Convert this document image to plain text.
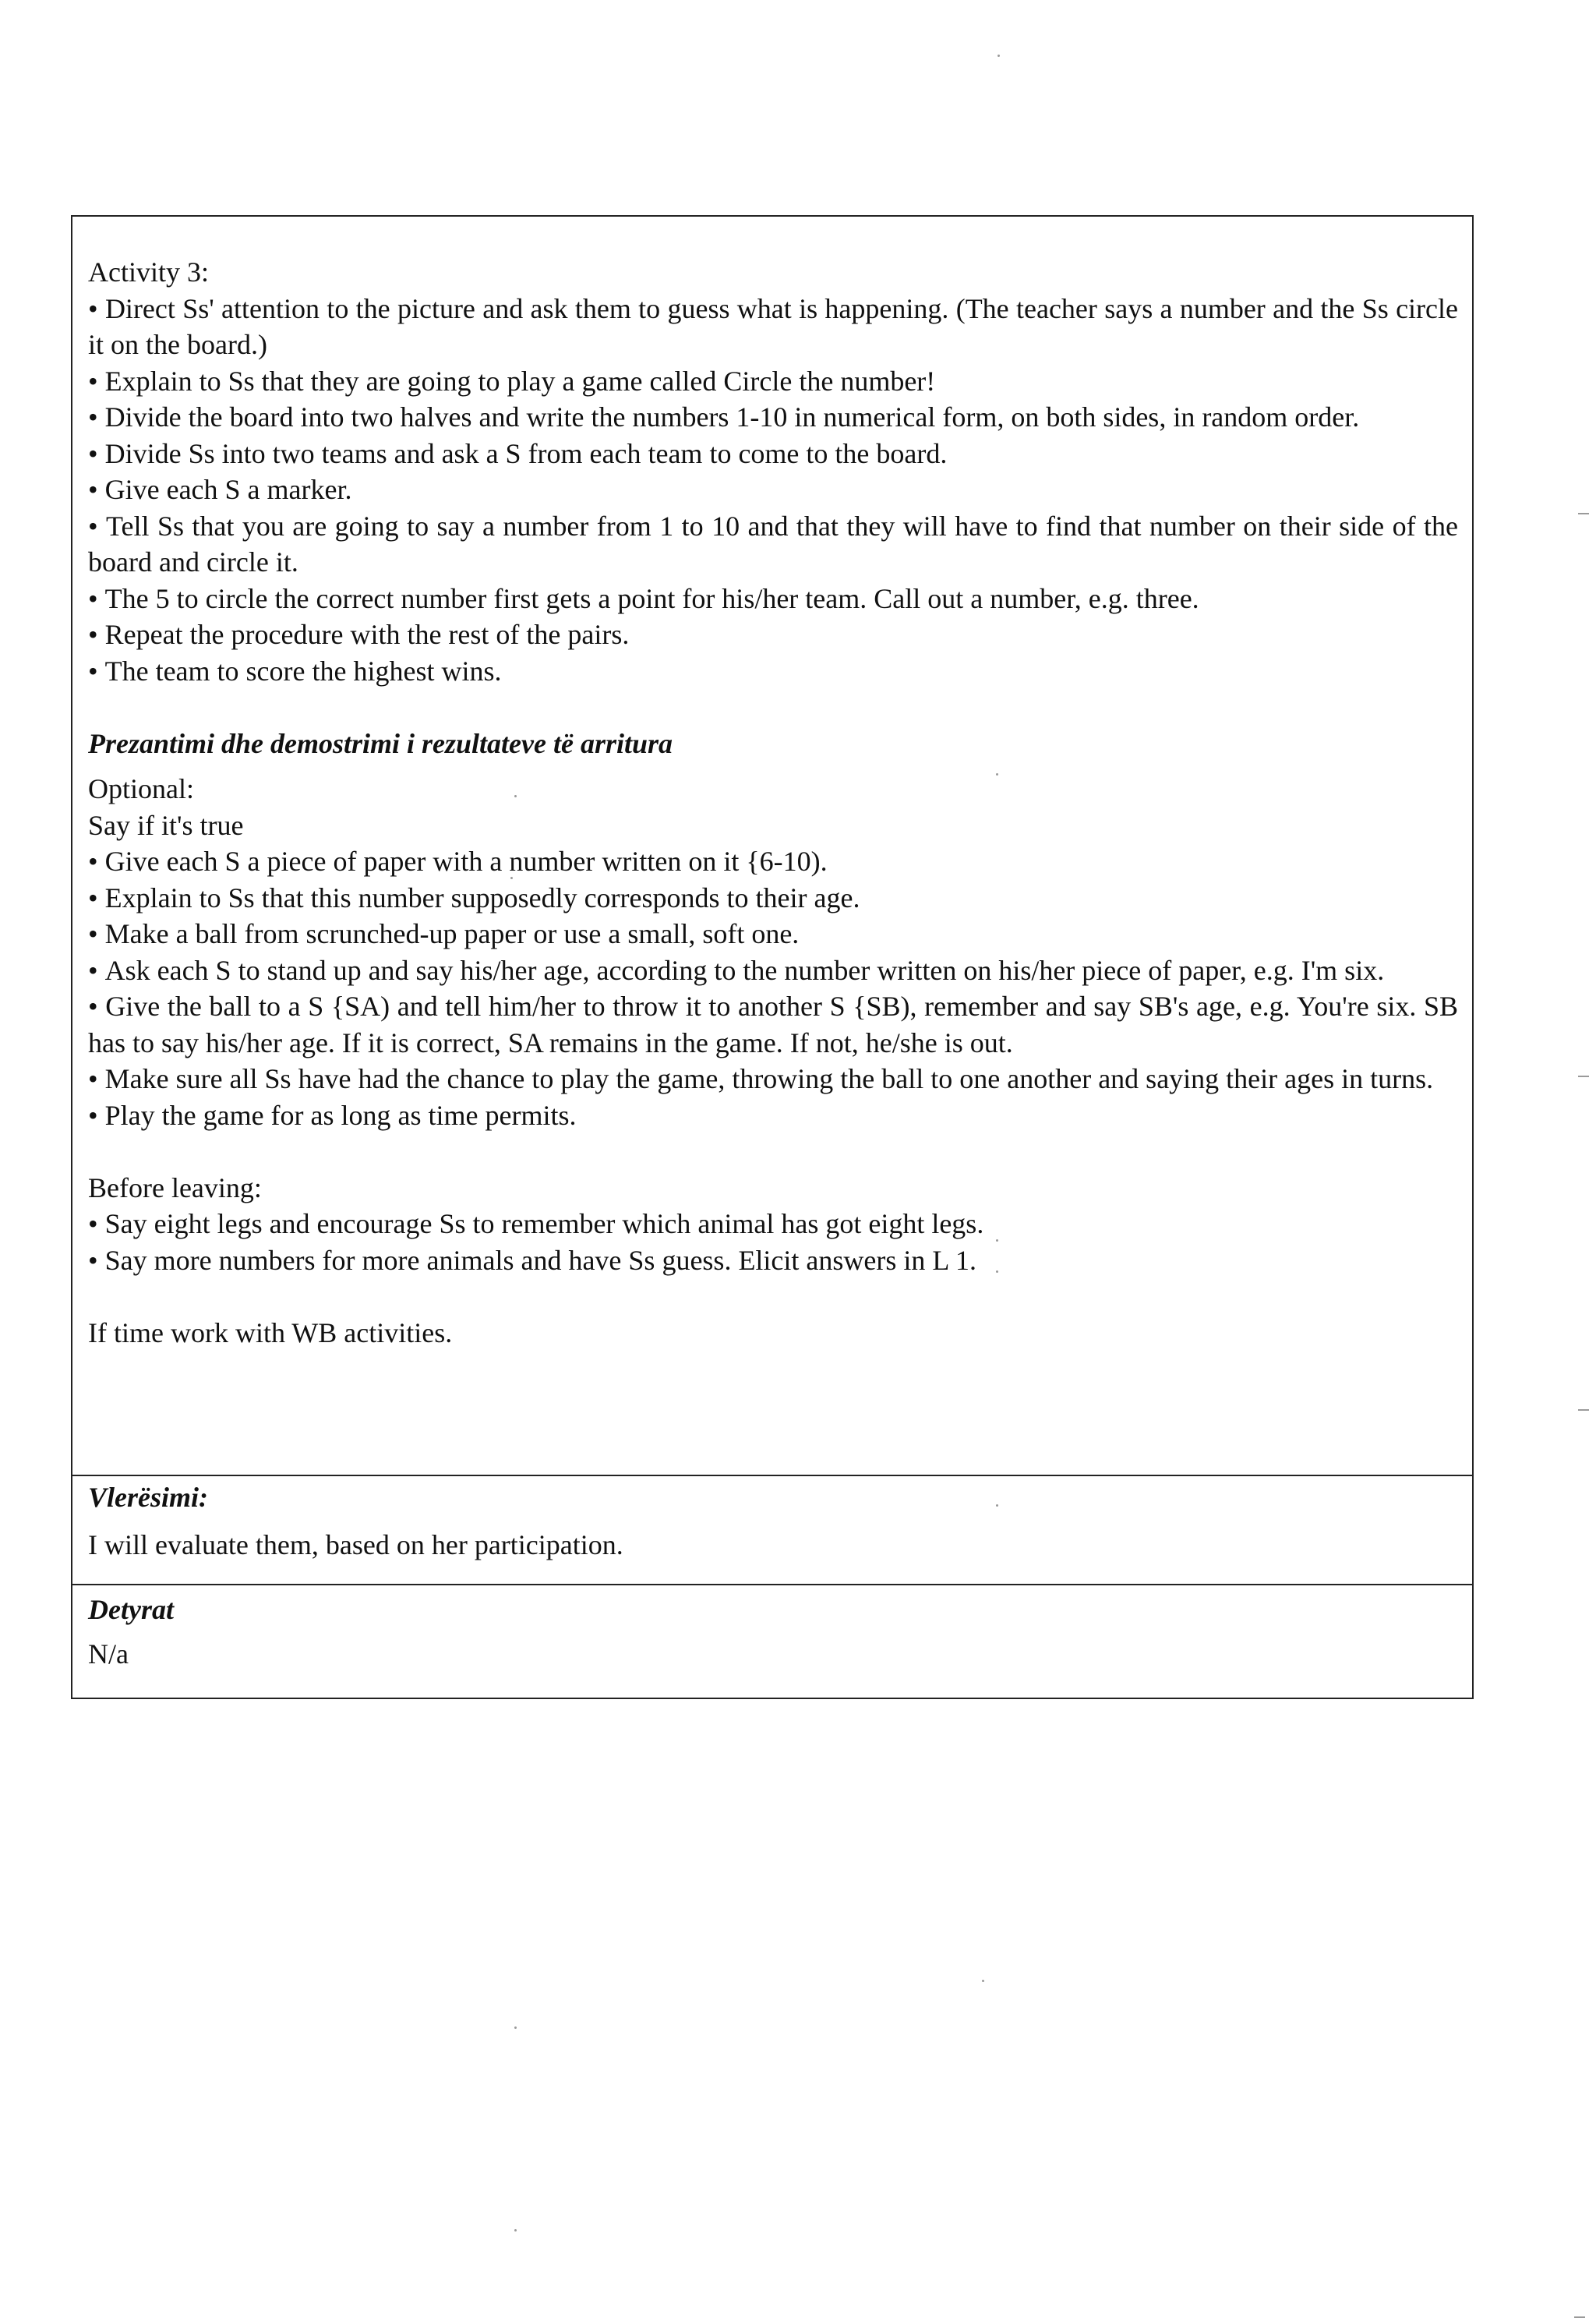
Activity 3:

• Direct Ss' attention to the picture and ask them to guess what is happening. (The teacher says a number and the Ss circle it on the board.)

• Explain to Ss that they are going to play a game called Circle the number!

• Divide the board into two halves and write the numbers 1-10 in numerical form, on both sides, in random order.

• Divide Ss into two teams and ask a S from each team to come to the board.

• Give each S a marker.

• Tell Ss that you are going to say a number from 1 to 10 and that they will have to find that number on their side of the board and circle it.

• The 5 to circle the correct number first gets a point for his/her team. Call out a number, e.g. three.

• Repeat the procedure with the rest of the pairs.

• The team to score the highest wins.

Prezantimi dhe demostrimi i rezultateve të arritura

Optional:

Say if it's true

• Give each S a piece of paper with a number written on it {6-10).

• Explain to Ss that this number supposedly corresponds to their age.

• Make a ball from scrunched-up paper or use a small, soft one.

• Ask each S to stand up and say his/her age, according to the number written on his/her piece of paper, e.g. I'm six.

• Give the ball to a S {SA) and tell him/her to throw it to another S {SB), remember and say SB's age, e.g. You're six. SB has to say his/her age. If it is correct, SA remains in the game. If not, he/she is out.

• Make sure all Ss have had the chance to play the game, throwing the ball to one another and saying their ages in turns.

• Play the game for as long as time permits.

Before leaving:

• Say eight legs and encourage Ss to remember which animal has got eight legs.

• Say more numbers for more animals and have Ss guess. Elicit answers in L 1.

If time work with WB activities.

Vlerësimi:

I will evaluate them, based on her participation.

Detyrat

N/a
